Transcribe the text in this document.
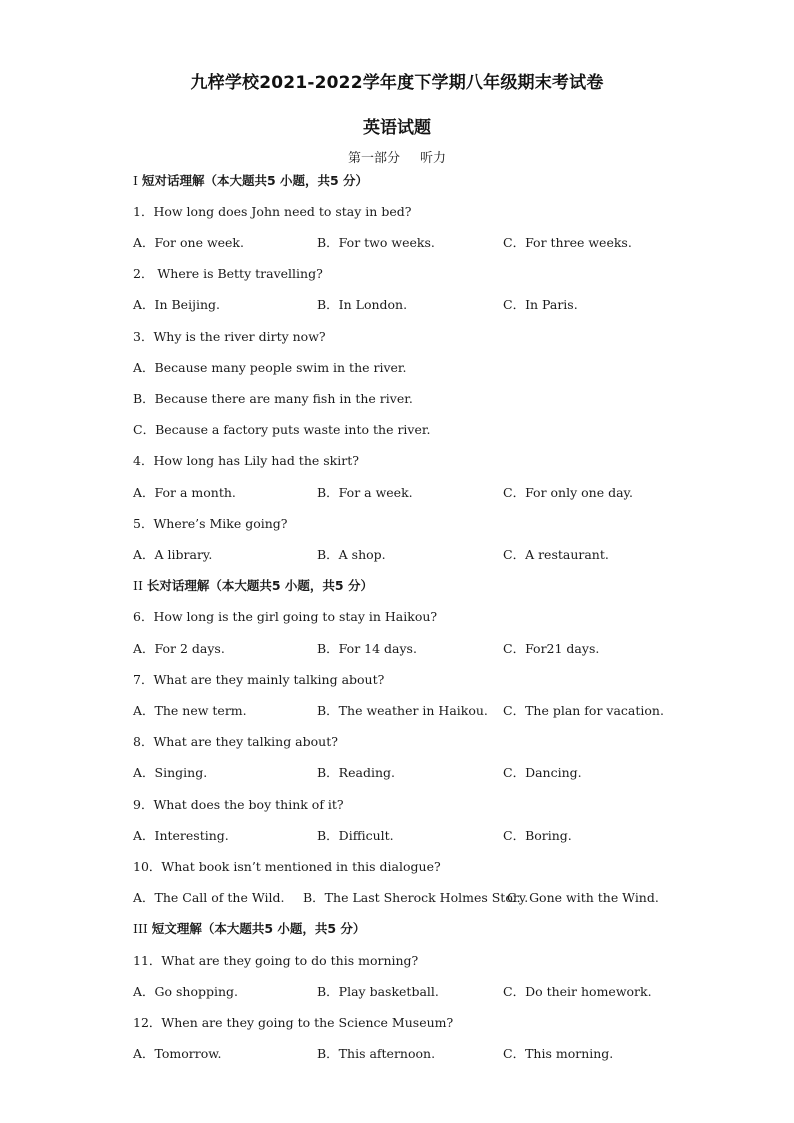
九梓学校2021-2022学年度下学期八年级期末考试卷
英语试题
第一部分 听力
I 短对话理解（本大题共5 小题，共5 分）
1．How long does John need to stay in bed?
A．For one week.	B．For two weeks.	C．For three weeks.
2． Where is Betty travelling?
A．In Beijing.	B．In London.	C．In Paris.
3．Why is the river dirty now?
A．Because many people swim in the river.
B．Because there are many fish in the river.
C．Because a factory puts waste into the river.
4．How long has Lily had the skirt?
A．For a month.	B．For a week.	C．For only one day.
5．Where’s Mike going?
A．A library.	B．A shop.	C．A restaurant.
II 长对话理解（本大题共5 小题，共5 分）
6．How long is the girl going to stay in Haikou?
A．For 2 days.	B．For 14 days.	C．For21 days.
7．What are they mainly talking about?
A．The new term.	B．The weather in Haikou. C．The plan for vacation.
8．What are they talking about?
A．Singing.	B．Reading.	C．Dancing.
9．What does the boy think of it?
A．Interesting.	B．Difficult.	C．Boring.
10．What book isn’t mentioned in this dialogue?
A．The Call of the Wild. B．The Last Sherock Holmes Story.
C．Gone with the Wind.
III 短文理解（本大题共5 小题，共5 分）
11．What are they going to do this morning?
A．Go shopping.	B．Play basketball.	C．Do their homework.
12．When are they going to the Science Museum?
A．Tomorrow.	B．This afternoon.	C．This morning.
